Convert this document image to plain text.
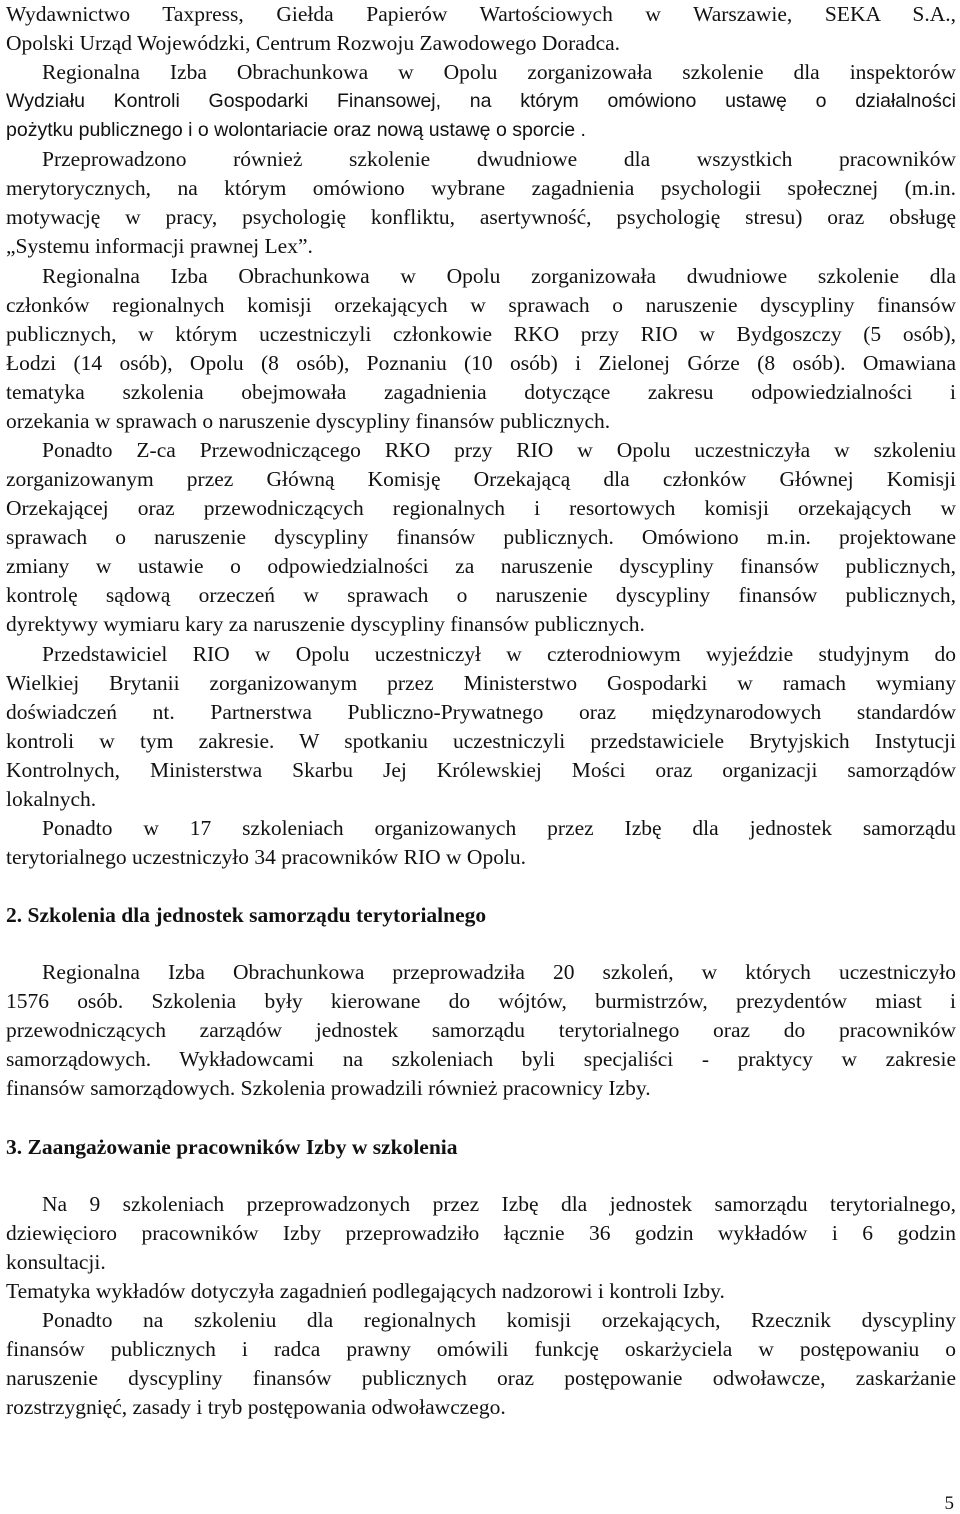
Wydawnictwo Taxpress, Giełda Papierów Wartościowych w Warszawie, SEKA S.A.,
Opolski Urząd Wojewódzki, Centrum Rozwoju Zawodowego Doradca.
Regionalna Izba Obrachunkowa w Opolu zorganizowała szkolenie dla inspektorów
Wydziału Kontroli Gospodarki Finansowej, na którym omówiono ustawę o działalności
pożytku publicznego i o wolontariacie oraz nową ustawę o sporcie .
Przeprowadzono również szkolenie dwudniowe dla wszystkich pracowników
merytorycznych, na którym omówiono wybrane zagadnienia psychologii społecznej (m.in.
motywację w pracy, psychologię konfliktu, asertywność, psychologię stresu) oraz obsługę
„Systemu informacji prawnej Lex”.
Regionalna Izba Obrachunkowa w Opolu zorganizowała dwudniowe szkolenie dla
członków regionalnych komisji orzekających w sprawach o naruszenie dyscypliny finansów
publicznych, w którym uczestniczyli członkowie RKO przy RIO w Bydgoszczy (5 osób),
Łodzi (14 osób), Opolu (8 osób), Poznaniu (10 osób) i Zielonej Górze (8 osób). Omawiana
tematyka szkolenia obejmowała zagadnienia dotyczące zakresu odpowiedzialności i
orzekania w sprawach o naruszenie dyscypliny finansów publicznych.
Ponadto Z-ca Przewodniczącego RKO przy RIO w Opolu uczestniczyła w szkoleniu
zorganizowanym przez Główną Komisję Orzekającą dla członków Głównej Komisji
Orzekającej oraz przewodniczących regionalnych i resortowych komisji orzekających w
sprawach o naruszenie dyscypliny finansów publicznych. Omówiono m.in. projektowane
zmiany w ustawie o odpowiedzialności za naruszenie dyscypliny finansów publicznych,
kontrolę sądową orzeczeń w sprawach o naruszenie dyscypliny finansów publicznych,
dyrektywy wymiaru kary za naruszenie dyscypliny finansów publicznych.
Przedstawiciel RIO w Opolu uczestniczył w czterodniowym wyjeździe studyjnym do
Wielkiej Brytanii zorganizowanym przez Ministerstwo Gospodarki w ramach wymiany
doświadczeń nt. Partnerstwa Publiczno-Prywatnego oraz międzynarodowych standardów
kontroli w tym zakresie. W spotkaniu uczestniczyli przedstawiciele Brytyjskich Instytucji
Kontrolnych, Ministerstwa Skarbu Jej Królewskiej Mości oraz organizacji samorządów
lokalnych.
Ponadto w 17 szkoleniach organizowanych przez Izbę dla jednostek samorządu
terytorialnego uczestniczyło 34 pracowników RIO w Opolu.
2. Szkolenia dla jednostek samorządu terytorialnego
Regionalna Izba Obrachunkowa przeprowadziła 20 szkoleń, w których uczestniczyło
1576 osób. Szkolenia były kierowane do wójtów, burmistrzów, prezydentów miast i
przewodniczących zarządów jednostek samorządu terytorialnego oraz do pracowników
samorządowych. Wykładowcami na szkoleniach byli specjaliści - praktycy w zakresie
finansów samorządowych. Szkolenia prowadzili również pracownicy Izby.
3. Zaangażowanie pracowników Izby w szkolenia
Na 9 szkoleniach przeprowadzonych przez Izbę dla jednostek samorządu terytorialnego,
dziewięcioro pracowników Izby przeprowadziło łącznie 36 godzin wykładów i 6 godzin
konsultacji.
Tematyka wykładów dotyczyła zagadnień podlegających nadzorowi i kontroli Izby.
Ponadto na szkoleniu dla regionalnych komisji orzekających, Rzecznik dyscypliny
finansów publicznych i radca prawny omówili funkcję oskarżyciela w postępowaniu o
naruszenie dyscypliny finansów publicznych oraz postępowanie odwoławcze, zaskarżanie
rozstrzygnięć, zasady i tryb postępowania odwoławczego.
5
